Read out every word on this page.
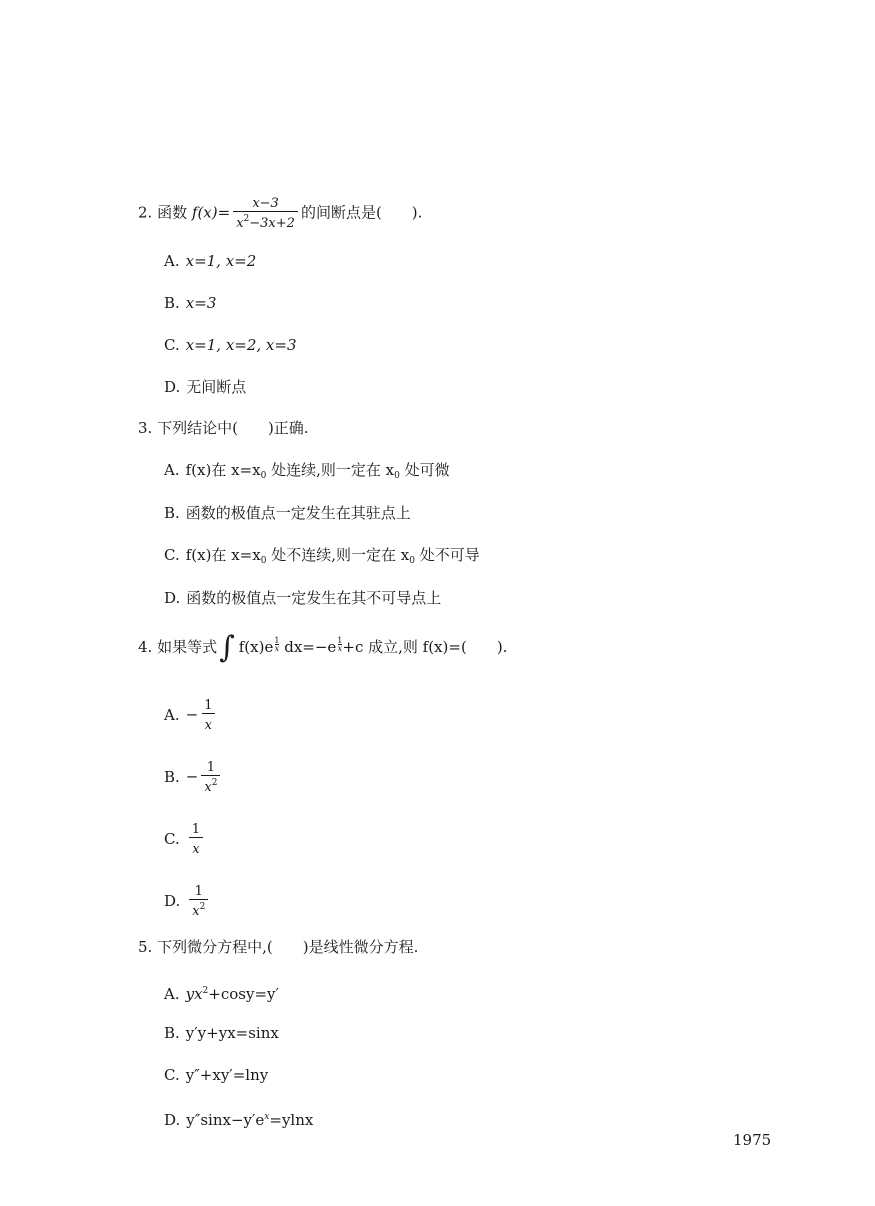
2. 函数 $f(x)= \frac{x-3}{x^2-3x+2}$ 的间断点是( ).
A. x=1, x=2
B. x=3
C. x=1, x=2, x=3
D. 无间断点
3. 下列结论中( )正确.
A. f(x)在 $x=x_0$ 处连续,则一定在 $x_0$ 处可微
B. 函数的极值点一定发生在其驻点上
C. f(x)在 $x=x_0$ 处不连续,则一定在 $x_0$ 处不可导
D. 函数的极值点一定发生在其不可导点上
4. 如果等式∫ $f(x)e \frac{1}{x} dx=-e \frac{1}{x} +c$ 成立,则 f(x)=( ).
A. − $\frac{1}{x}$
B. − $\frac{1}{x^2}$
C. $\frac{1}{x}$
D. $\frac{1}{x^2}$
5. 下列微分方程中,( )是线性微分方程.
A. $yx^2+\cos y=y'$
B. y′y+yx=sinx
C. y″+xy′=lny
D. $y''\sin x-y'e^x=ylnx$
1975
